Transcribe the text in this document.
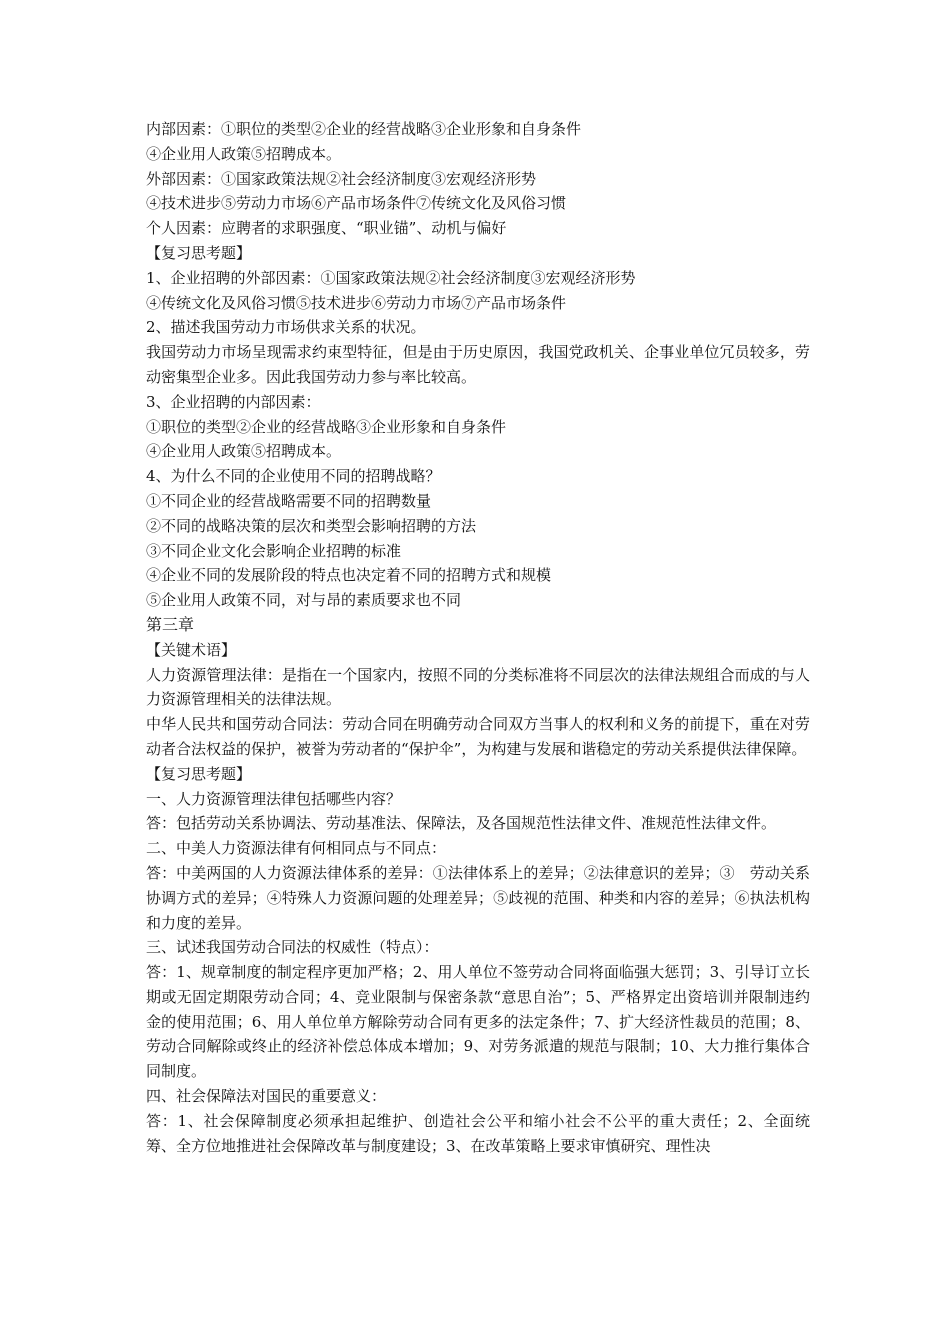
内部因素：①职位的类型②企业的经营战略③企业形象和自身条件
④企业用人政策⑤招聘成本。
外部因素：①国家政策法规②社会经济制度③宏观经济形势
④技术进步⑤劳动力市场⑥产品市场条件⑦传统文化及风俗习惯
个人因素：应聘者的求职强度、“职业锚”、动机与偏好
【复习思考题】
1、企业招聘的外部因素：①国家政策法规②社会经济制度③宏观经济形势
④传统文化及风俗习惯⑤技术进步⑥劳动力市场⑦产品市场条件
2、描述我国劳动力市场供求关系的状况。
我国劳动力市场呈现需求约束型特征，但是由于历史原因，我国党政机关、企事业单位冗员较多，劳动密集型企业多。因此我国劳动力参与率比较高。
3、企业招聘的内部因素：
①职位的类型②企业的经营战略③企业形象和自身条件
④企业用人政策⑤招聘成本。
4、为什么不同的企业使用不同的招聘战略？
①不同企业的经营战略需要不同的招聘数量
②不同的战略决策的层次和类型会影响招聘的方法
③不同企业文化会影响企业招聘的标准
④企业不同的发展阶段的特点也决定着不同的招聘方式和规模
⑤企业用人政策不同，对与昂的素质要求也不同
第三章
【关键术语】
人力资源管理法律：是指在一个国家内，按照不同的分类标准将不同层次的法律法规组合而成的与人力资源管理相关的法律法规。
中华人民共和国劳动合同法：劳动合同在明确劳动合同双方当事人的权利和义务的前提下，重在对劳动者合法权益的保护，被誉为劳动者的“保护伞”，为构建与发展和谐稳定的劳动关系提供法律保障。
【复习思考题】
一、人力资源管理法律包括哪些内容？
答：包括劳动关系协调法、劳动基准法、保障法，及各国规范性法律文件、准规范性法律文件。
二、中美人力资源法律有何相同点与不同点：
答：中美两国的人力资源法律体系的差异：①法律体系上的差异；②法律意识的差异；③　劳动关系协调方式的差异；④特殊人力资源问题的处理差异；⑤歧视的范围、种类和内容的差异；⑥执法机构和力度的差异。
三、试述我国劳动合同法的权威性（特点）：
答：1、规章制度的制定程序更加严格；2、用人单位不签劳动合同将面临强大惩罚；3、引导订立长期或无固定期限劳动合同；4、竞业限制与保密条款“意思自治”；5、严格界定出资培训并限制违约金的使用范围；6、用人单位单方解除劳动合同有更多的法定条件；7、扩大经济性裁员的范围；8、劳动合同解除或终止的经济补偿总体成本增加；9、对劳务派遣的规范与限制；10、大力推行集体合同制度。
四、社会保障法对国民的重要意义：
答：1、社会保障制度必须承担起维护、创造社会公平和缩小社会不公平的重大责任；2、全面统筹、全方位地推进社会保障改革与制度建设；3、在改革策略上要求审慎研究、理性决
